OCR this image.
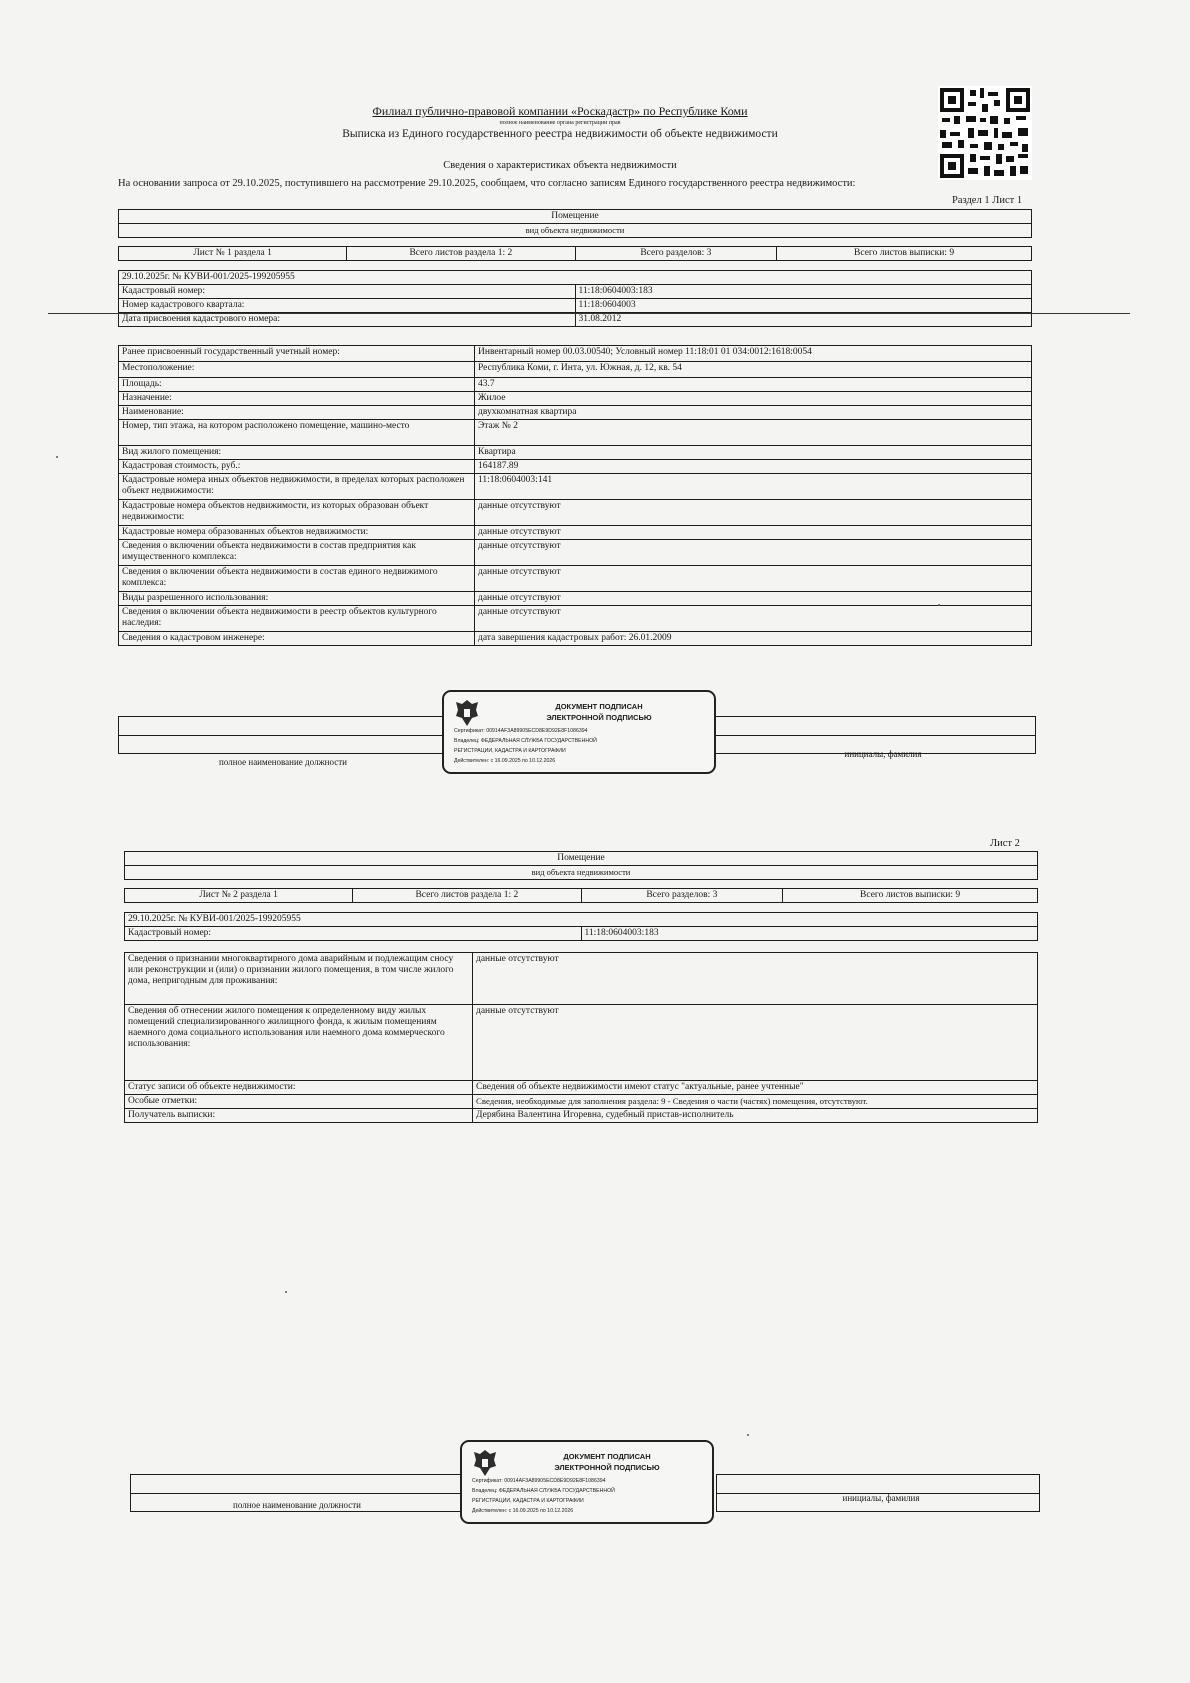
Филиал публично-правовой компании «Роскадастр» по Республике Коми
полное наименование органа регистрации прав
Выписка из Единого государственного реестра недвижимости об объекте недвижимости
Сведения о характеристиках объекта недвижимости
На основании запроса от 29.10.2025, поступившего на рассмотрение 29.10.2025, сообщаем, что согласно записям Единого государственного реестра недвижимости:
Раздел 1 Лист 1
Помещение
вид объекта недвижимости
Лист № 1 раздела 1	Всего листов раздела 1: 2	Всего разделов: 3	Всего листов выписки: 9
29.10.2025г. № КУВИ-001/2025-199205955	
Кадастровый номер:	11:18:0604003:183
Номер кадастрового квартала:	11:18:0604003
Дата присвоения кадастрового номера:	31.08.2012
Ранее присвоенный государственный учетный номер:	Инвентарный номер 00.03.00540; Условный номер 11:18:01 01 034:0012:1618:0054
Местоположение:	Республика Коми, г. Инта, ул. Южная, д. 12, кв. 54
Площадь:	43.7
Назначение:	Жилое
Наименование:	двухкомнатная квартира
Номер, тип этажа, на котором расположено помещение, машино-место	Этаж № 2
Вид жилого помещения:	Квартира
Кадастровая стоимость, руб.:	164187.89
Кадастровые номера иных объектов недвижимости, в пределах которых расположен объект недвижимости:	11:18:0604003:141
Кадастровые номера объектов недвижимости, из которых образован объект недвижимости:	данные отсутствуют
Кадастровые номера образованных объектов недвижимости:	данные отсутствуют
Сведения о включении объекта недвижимости в состав предприятия как имущественного комплекса:	данные отсутствуют
Сведения о включении объекта недвижимости в состав единого недвижимого комплекса:	данные отсутствуют
Виды разрешенного использования:	данные отсутствуют
Сведения о включении объекта недвижимости в реестр объектов культурного наследия:	данные отсутствуют
Сведения о кадастровом инженере:	дата завершения кадастровых работ: 26.01.2009

полное наименование должности
инициалы, фамилия
ДОКУМЕНТ ПОДПИСАН
ЭЛЕКТРОННОЙ ПОДПИСЬЮ
Сертификат: 00914AF3A89905ECD8E9D92E8F1086394
Владелец: ФЕДЕРАЛЬНАЯ СЛУЖБА ГОСУДАРСТВЕННОЙ
РЕГИСТРАЦИИ, КАДАСТРА И КАРТОГРАФИИ
Действителен: с 16.09.2025 по 10.12.2026
Лист 2
Помещение
вид объекта недвижимости
Лист № 2 раздела 1	Всего листов раздела 1: 2	Всего разделов: 3	Всего листов выписки: 9
29.10.2025г. № КУВИ-001/2025-199205955
Кадастровый номер:	11:18:0604003:183
Сведения о признании многоквартирного дома аварийным и подлежащим сносу или реконструкции и (или) о признании жилого помещения, в том числе жилого дома, непригодным для проживания:	данные отсутствуют
Сведения об отнесении жилого помещения к определенному виду жилых помещений специализированного жилищного фонда, к жилым помещениям наемного дома социального использования или наемного дома коммерческого использования:	данные отсутствуют
Статус записи об объекте недвижимости:	Сведения об объекте недвижимости имеют статус "актуальные, ранее учтенные"
Особые отметки:	Сведения, необходимые для заполнения раздела: 9 - Сведения о части (частях) помещения, отсутствуют.
Получатель выписки:	Дерябина Валентина Игоревна, судебный пристав-исполнитель

полное наименование должности
инициалы, фамилия
ДОКУМЕНТ ПОДПИСАН
ЭЛЕКТРОННОЙ ПОДПИСЬЮ
Сертификат: 00914AF3A89905ECD8E9D92E8F1086394
Владелец: ФЕДЕРАЛЬНАЯ СЛУЖБА ГОСУДАРСТВЕННОЙ
РЕГИСТРАЦИИ, КАДАСТРА И КАРТОГРАФИИ
Действителен: с 16.09.2025 по 10.12.2026
